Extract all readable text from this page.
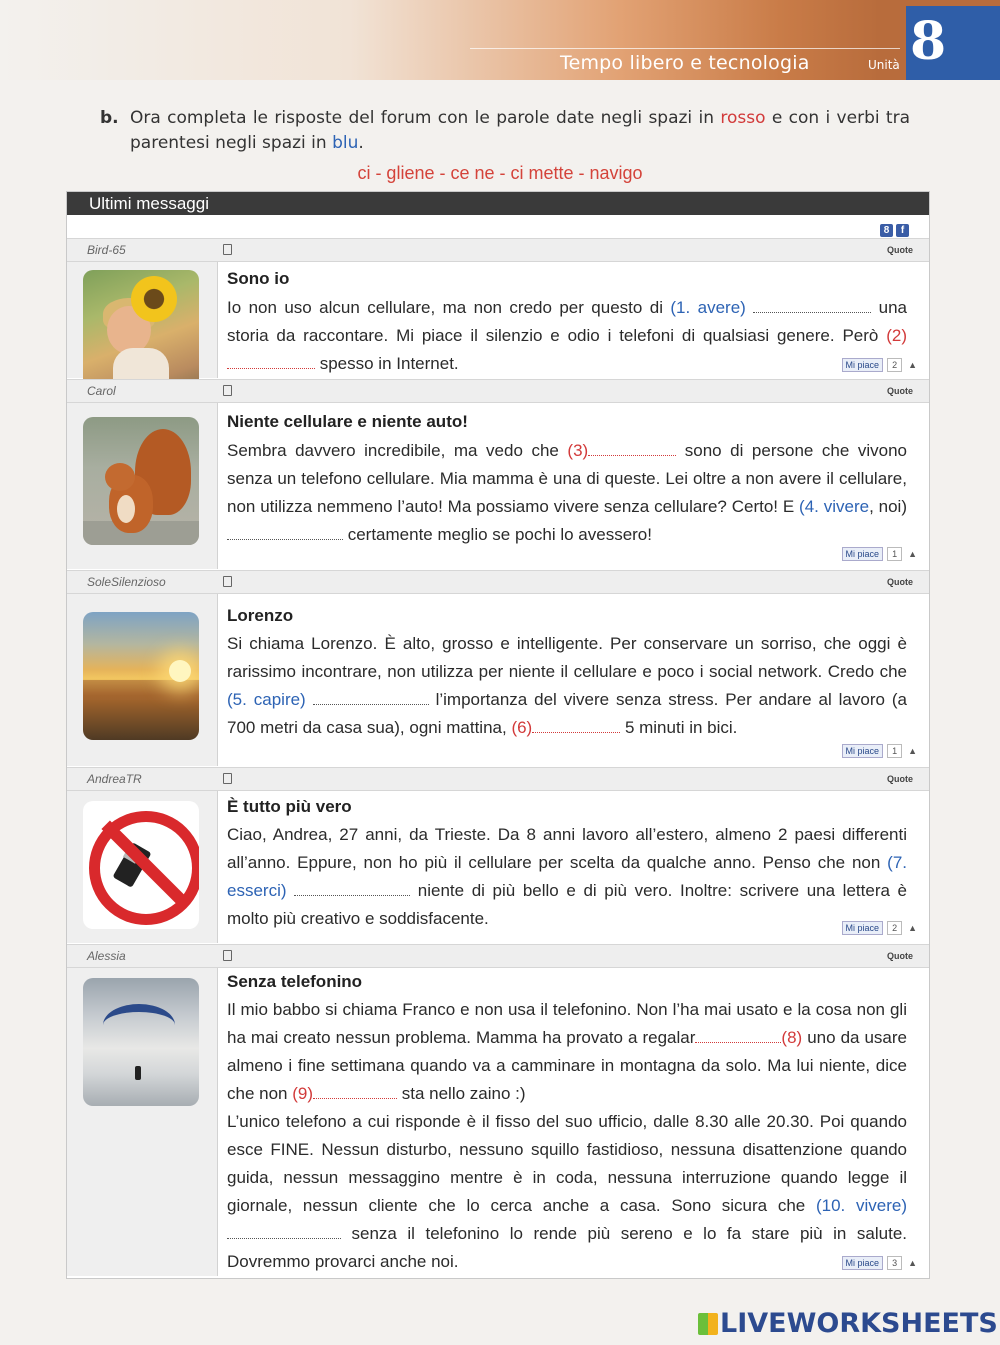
Tempo libero e tecnologia	Unità 8
b. Ora completa le risposte del forum con le parole date negli spazi in rosso e con i verbi tra parentesi negli spazi in blu.
ci - gliene - ce ne - ci mette - navigo
Ultimi messaggi
8 f
Bird-65	Quote
Sono io
Io non uso alcun cellulare, ma non credo per questo di (1. avere)	una storia da raccontare. Mi piace il silenzio e odio i telefoni di qualsiasi genere. Però (2) spesso in Internet.	Mi piace 2 ▲
Carol	Quote
Niente cellulare e niente auto!
Sembra davvero incredibile, ma vedo che (3)	sono di persone che vivono senza un telefono cellulare. Mia mamma è una di queste. Lei oltre a non avere il cellulare, non utilizza nemmeno l’auto! Ma possiamo vivere senza cellulare? Certo! E (4. vivere, noi)  certamente meglio se pochi lo avessero!
Mi piace 1 ▲
SoleSilenzioso	Quote
Lorenzo
Si chiama Lorenzo. È alto, grosso e intelligente. Per conservare un sorriso, che oggi è rarissimo incontrare, non utilizza per niente il cellulare e poco i social network. Credo che (5. capire)	l’importanza del vivere senza stress. Per andare al lavoro (a 700 metri da casa sua), ogni mattina, (6)	5 minuti in bici.
Mi piace 1 ▲
AndreaTR	Quote
È tutto più vero
Ciao, Andrea, 27 anni, da Trieste. Da 8 anni lavoro all’estero, almeno 2 paesi differenti all’anno. Eppure, non ho più il cellulare per scelta da qualche anno. Penso che non (7. esserci)	niente di più bello e di più vero. Inoltre: scrivere una lettera è molto più creativo e soddisfacente.	Mi piace 2 ▲
Alessia	Quote
Senza telefonino
Il mio babbo si chiama Franco e non usa il telefonino. Non l’ha mai usato e la cosa non gli ha mai creato nessun problema. Mamma ha provato a regalar	(8) uno da usare almeno i fine settimana quando va a camminare in montagna da solo. Ma lui niente, dice che non (9)	sta nello zaino :)
L’unico telefono a cui risponde è il fisso del suo ufficio, dalle 8.30 alle 20.30. Poi quando esce FINE. Nessun disturbo, nessuno squillo fastidioso, nessuna disattenzione quando guida, nessun messaggino mentre è in coda, nessuna interruzione quando legge il giornale, nessun cliente che lo cerca anche a casa. Sono sicura che (10. vivere)  senza il telefonino lo rende più sereno e lo fa stare più in salute. Dovremmo provarci anche noi.	Mi piace 3 ▲
LIVEWORKSHEETS
